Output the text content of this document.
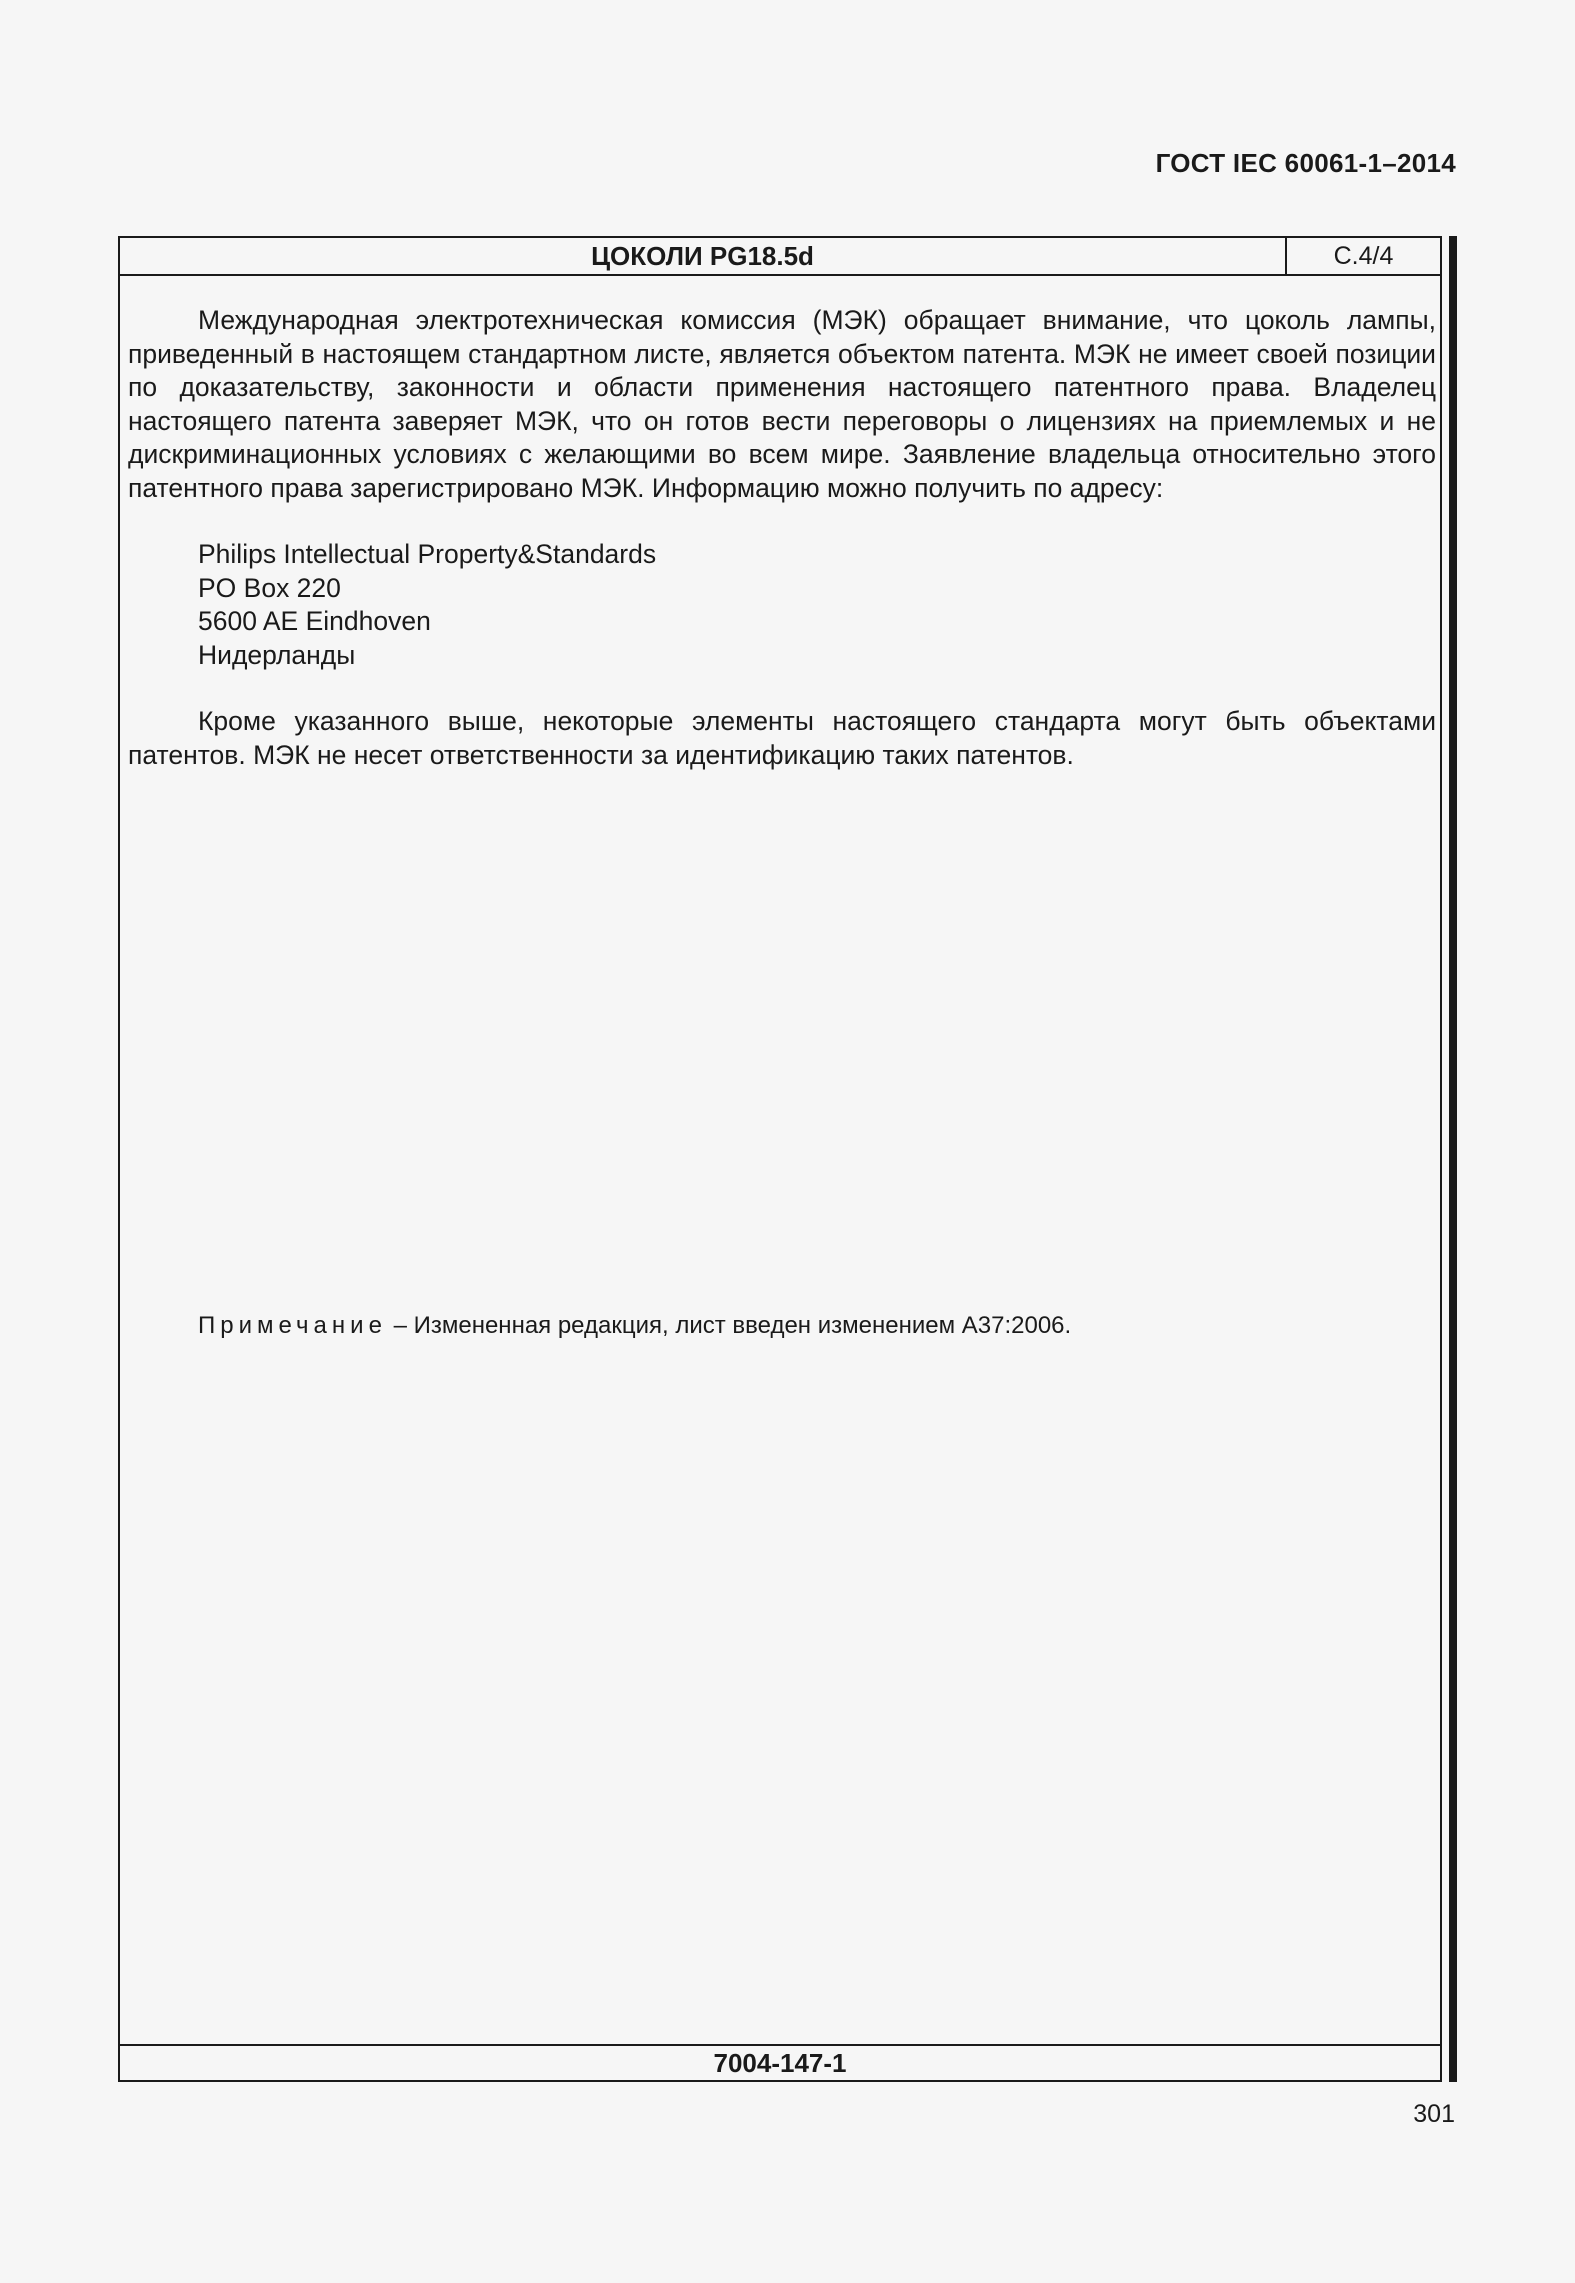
ГОСТ IEC 60061-1–2014
ЦОКОЛИ PG18.5d	С.4/4

Международная электротехническая комиссия (МЭК) обращает внимание, что цоколь лампы, приведенный в настоящем стандартном листе, является объектом патента. МЭК не имеет своей позиции по доказательству, законности и области применения настоящего патентного права. Владелец настоящего патента заверяет МЭК, что он готов вести переговоры о лицензиях на приемлемых и не дискриминационных условиях с желающими во всем мире. Заявление владельца относительно этого патентного права зарегистрировано МЭК. Информацию можно получить по адресу:

Philips Intellectual Property&Standards
PO Box 220
5600 AE Eindhoven
Нидерланды

Кроме указанного выше, некоторые элементы настоящего стандарта могут быть объектами патентов. МЭК не несет ответственности за идентификацию таких патентов.

Примечание – Измененная редакция, лист введен изменением А37:2006.
7004-147-1
301
